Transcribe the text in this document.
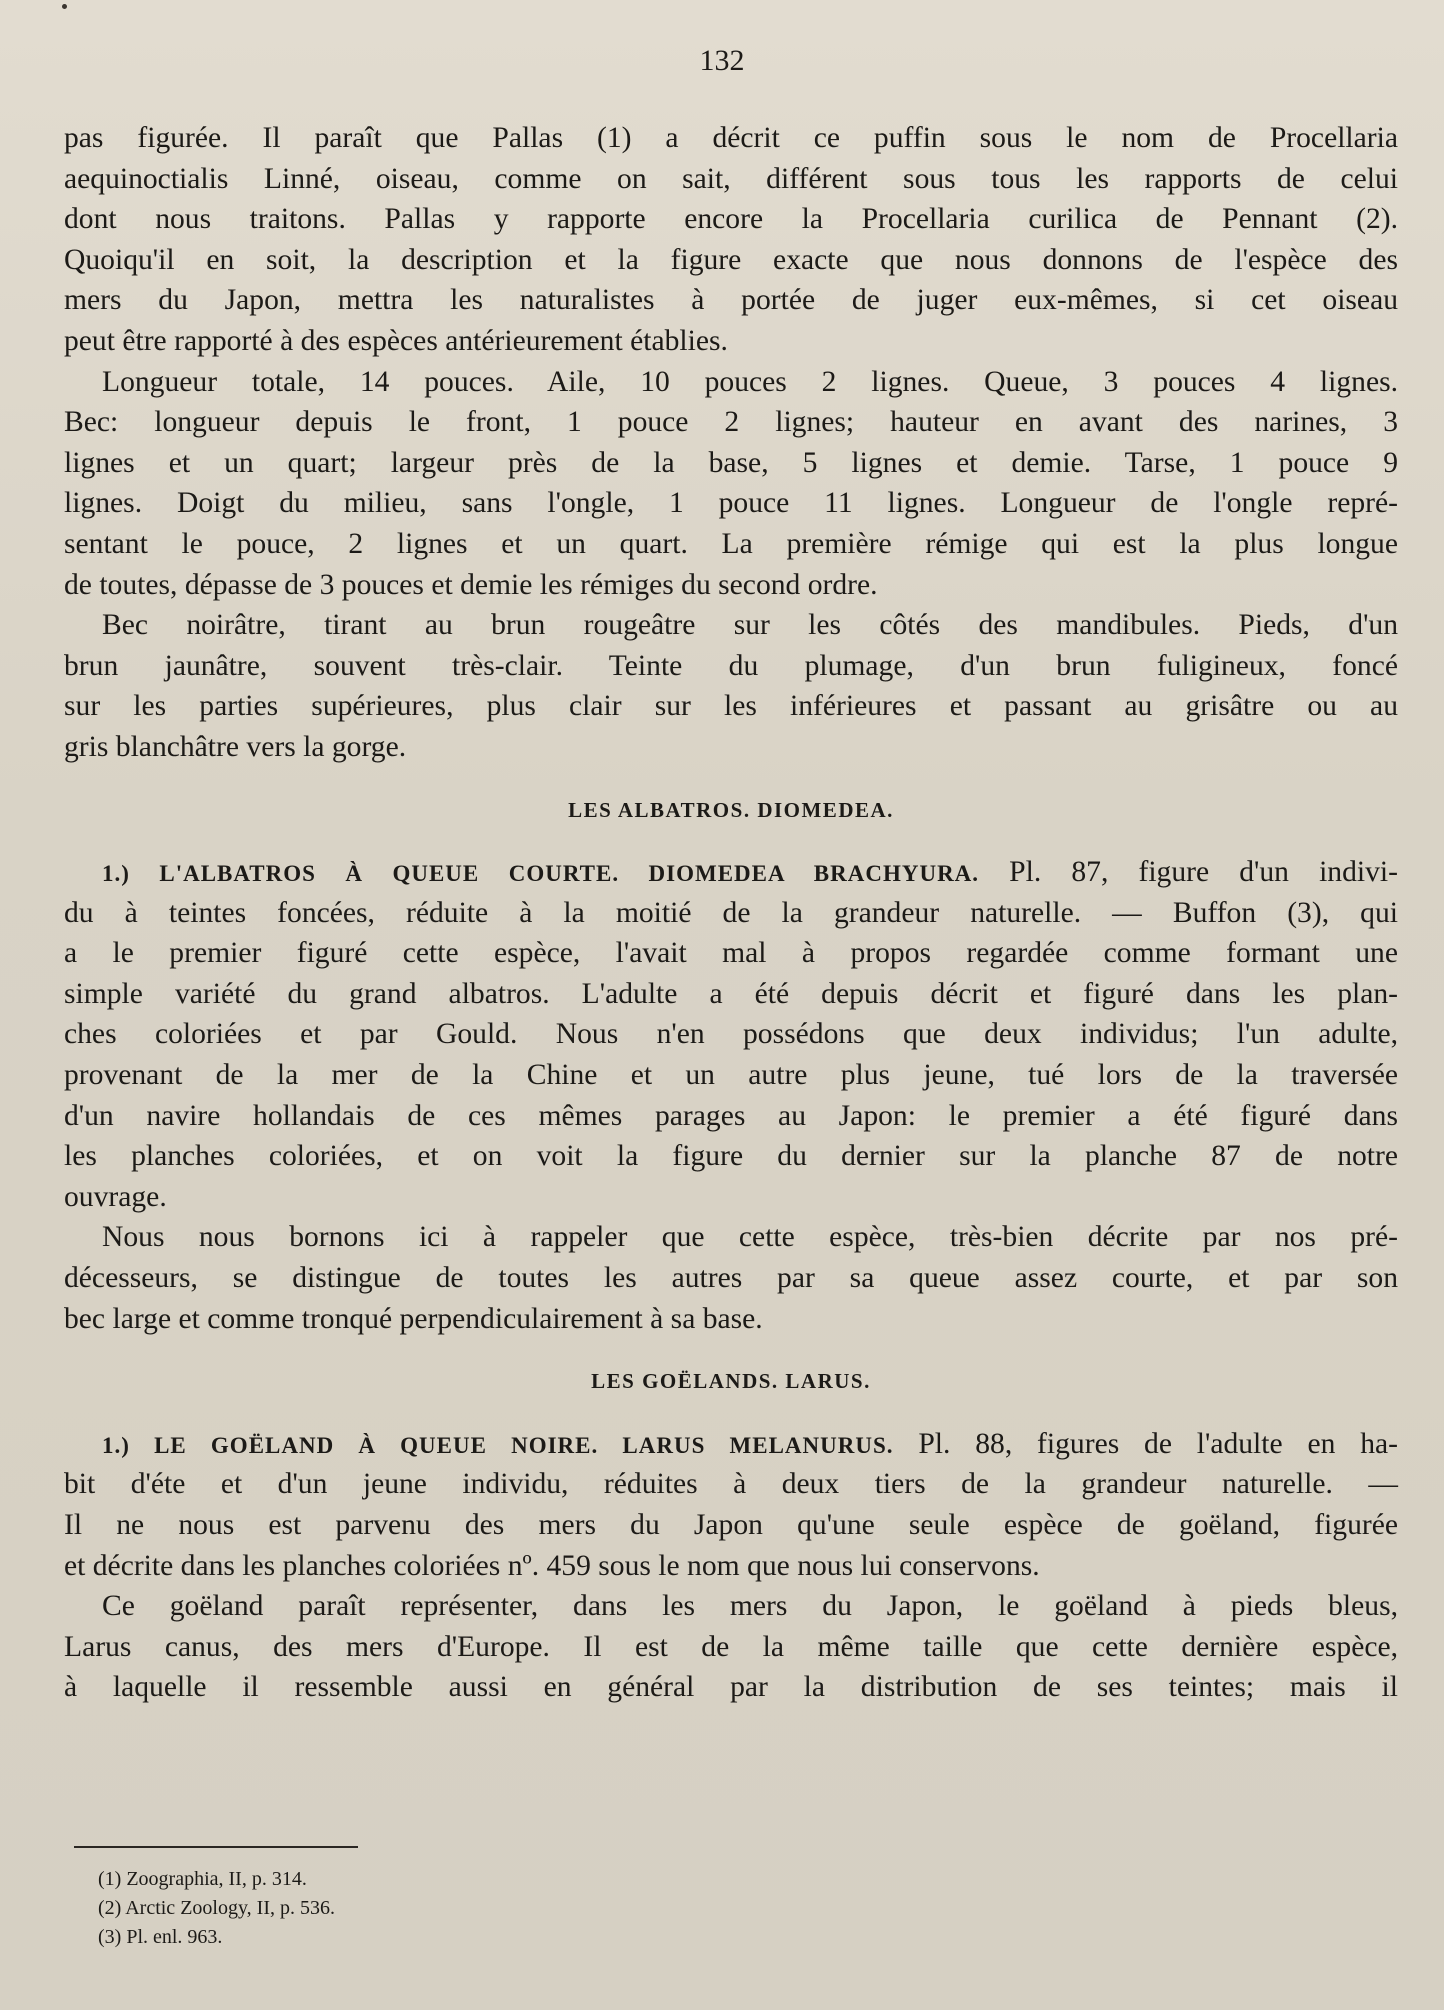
132
pas figurée. Il paraît que Pallas (1) a décrit ce puffin sous le nom de Procellaria
aequinoctialis Linné, oiseau, comme on sait, différent sous tous les rapports de celui
dont nous traitons. Pallas y rapporte encore la Procellaria curilica de Pennant (2).
Quoiqu'il en soit, la description et la figure exacte que nous donnons de l'espèce des
mers du Japon, mettra les naturalistes à portée de juger eux-mêmes, si cet oiseau
peut être rapporté à des espèces antérieurement établies.
Longueur totale, 14 pouces. Aile, 10 pouces 2 lignes. Queue, 3 pouces 4 lignes.
Bec: longueur depuis le front, 1 pouce 2 lignes; hauteur en avant des narines, 3
lignes et un quart; largeur près de la base, 5 lignes et demie. Tarse, 1 pouce 9
lignes. Doigt du milieu, sans l'ongle, 1 pouce 11 lignes. Longueur de l'ongle repré-
sentant le pouce, 2 lignes et un quart. La première rémige qui est la plus longue
de toutes, dépasse de 3 pouces et demie les rémiges du second ordre.
Bec noirâtre, tirant au brun rougeâtre sur les côtés des mandibules. Pieds, d'un
brun jaunâtre, souvent très-clair. Teinte du plumage, d'un brun fuligineux, foncé
sur les parties supérieures, plus clair sur les inférieures et passant au grisâtre ou au
gris blanchâtre vers la gorge.
LES ALBATROS. DIOMEDEA.
1.) L'ALBATROS À QUEUE COURTE. DIOMEDEA BRACHYURA. Pl. 87, figure d'un indivi-
du à teintes foncées, réduite à la moitié de la grandeur naturelle. — Buffon (3), qui
a le premier figuré cette espèce, l'avait mal à propos regardée comme formant une
simple variété du grand albatros. L'adulte a été depuis décrit et figuré dans les plan-
ches coloriées et par Gould. Nous n'en possédons que deux individus; l'un adulte,
provenant de la mer de la Chine et un autre plus jeune, tué lors de la traversée
d'un navire hollandais de ces mêmes parages au Japon: le premier a été figuré dans
les planches coloriées, et on voit la figure du dernier sur la planche 87 de notre
ouvrage.
Nous nous bornons ici à rappeler que cette espèce, très-bien décrite par nos pré-
décesseurs, se distingue de toutes les autres par sa queue assez courte, et par son
bec large et comme tronqué perpendiculairement à sa base.
LES GOËLANDS. LARUS.
1.) LE GOËLAND À QUEUE NOIRE. LARUS MELANURUS. Pl. 88, figures de l'adulte en ha-
bit d'éte et d'un jeune individu, réduites à deux tiers de la grandeur naturelle. —
Il ne nous est parvenu des mers du Japon qu'une seule espèce de goëland, figurée
et décrite dans les planches coloriées nº. 459 sous le nom que nous lui conservons.
Ce goëland paraît représenter, dans les mers du Japon, le goëland à pieds bleus,
Larus canus, des mers d'Europe. Il est de la même taille que cette dernière espèce,
à laquelle il ressemble aussi en général par la distribution de ses teintes; mais il
(1) Zoographia, II, p. 314.
(2) Arctic Zoology, II, p. 536.
(3) Pl. enl. 963.
